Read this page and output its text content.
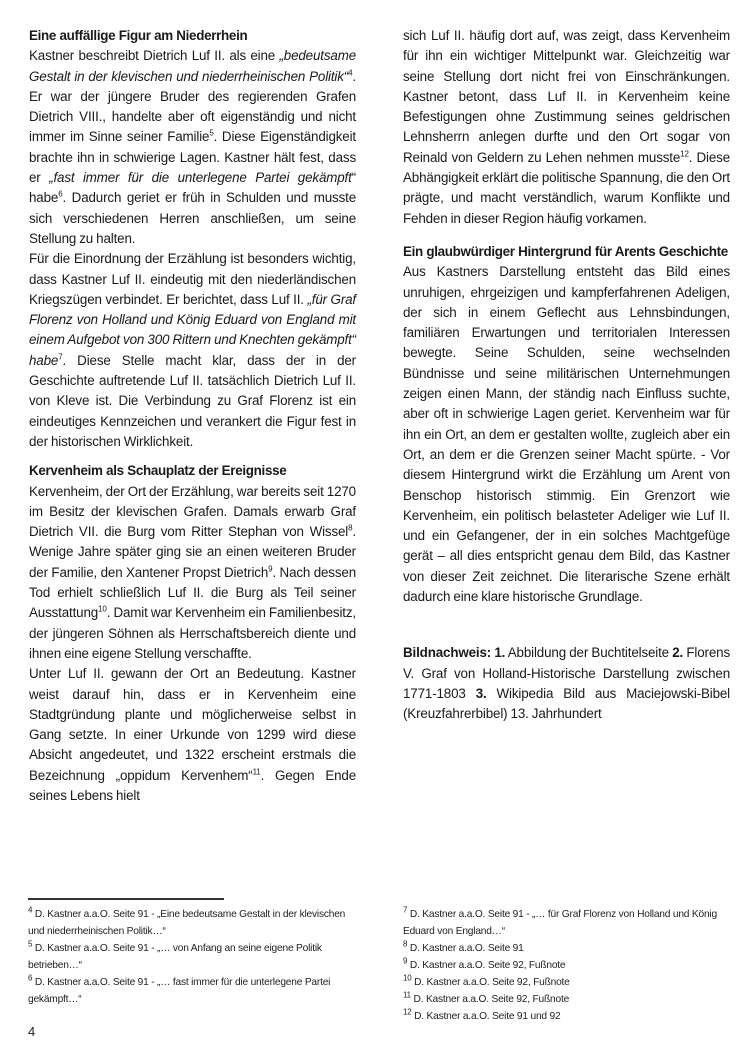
Eine auffällige Figur am Niederrhein

Kastner beschreibt Dietrich Luf II. als eine „bedeutsame Gestalt in der klevischen und niederrheinischen Politik“$^4$. Er war der jüngere Bruder des regierenden Grafen Dietrich VIII., handelte aber oft eigenständig und nicht immer im Sinne seiner Familie$^5$. Diese Eigenständigkeit brachte ihn in schwierige Lagen. Kastner hält fest, dass er „fast immer für die unterlegene Partei gekämpft“ habe$^6$. Dadurch geriet er früh in Schulden und musste sich verschiedenen Herren anschließen, um seine Stellung zu halten.

Für die Einordnung der Erzählung ist besonders wichtig, dass Kastner Luf II. eindeutig mit den niederländischen Kriegszügen verbindet. Er berichtet, dass Luf II. „für Graf Florenz von Holland und König Eduard von England mit einem Aufgebot von 300 Rittern und Knechten gekämpft“ habe$^7$. Diese Stelle macht klar, dass der in der Geschichte auftretende Luf II. tatsächlich Dietrich Luf II. von Kleve ist. Die Verbindung zu Graf Florenz ist ein eindeutiges Kennzeichen und verankert die Figur fest in der historischen Wirklichkeit.

Kervenheim als Schauplatz der Ereignisse

Kervenheim, der Ort der Erzählung, war bereits seit 1270 im Besitz der klevischen Grafen. Damals erwarb Graf Dietrich VII. die Burg vom Ritter Stephan von Wissel$^8$. Wenige Jahre später ging sie an einen weiteren Bruder der Familie, den Xantener Propst Dietrich$^9$. Nach dessen Tod erhielt schließlich Luf II. die Burg als Teil seiner Ausstattung$^{10}$. Damit war Kervenheim ein Familienbesitz, der jüngeren Söhnen als Herrschaftsbereich diente und ihnen eine eigene Stellung verschaffte.

Unter Luf II. gewann der Ort an Bedeutung. Kastner weist darauf hin, dass er in Kervenheim eine Stadtgründung plante und möglicherweise selbst in Gang setzte. In einer Urkunde von 1299 wird diese Absicht angedeutet, und 1322 erscheint erstmals die Bezeichnung „oppidum Kervenhem“$^{11}$. Gegen Ende seines Lebens hielt

sich Luf II. häufig dort auf, was zeigt, dass Kervenheim für ihn ein wichtiger Mittelpunkt war. Gleichzeitig war seine Stellung dort nicht frei von Einschränkungen. Kastner betont, dass Luf II. in Kervenheim keine Befestigungen ohne Zustimmung seines geldrischen Lehnsherrn anlegen durfte und den Ort sogar von Reinald von Geldern zu Lehen nehmen musste$^{12}$. Diese Abhängigkeit erklärt die politische Spannung, die den Ort prägte, und macht verständlich, warum Konflikte und Fehden in dieser Region häufig vorkamen.

Ein glaubwürdiger Hintergrund für Arents Geschichte

Aus Kastners Darstellung entsteht das Bild eines unruhigen, ehrgeizigen und kampferfahrenen Adeligen, der sich in einem Geflecht aus Lehnsbindungen, familiären Erwartungen und territorialen Interessen bewegte. Seine Schulden, seine wechselnden Bündnisse und seine militärischen Unternehmungen zeigen einen Mann, der ständig nach Einfluss suchte, aber oft in schwierige Lagen geriet. Kervenheim war für ihn ein Ort, an dem er gestalten wollte, zugleich aber ein Ort, an dem er die Grenzen seiner Macht spürte. - Vor diesem Hintergrund wirkt die Erzählung um Arent von Benschop historisch stimmig. Ein Grenzort wie Kervenheim, ein politisch belasteter Adeliger wie Luf II. und ein Gefangener, der in ein solches Machtgefüge gerät – all dies entspricht genau dem Bild, das Kastner von dieser Zeit zeichnet. Die literarische Szene erhält dadurch eine klare historische Grundlage.

Bildnachweis: 1. Abbildung der Buchtitelseite 2. Florens V. Graf von Holland-Historische Darstellung zwischen 1771-1803 3. Wikipedia Bild aus Maciejowski-Bibel (Kreuzfahrerbibel) 13. Jahrhundert

$^4$ D. Kastner a.a.O. Seite 91 - „Eine bedeutsame Gestalt in der klevischen und niederrheinischen Politik…“
$^5$ D. Kastner a.a.O. Seite 91 - „… von Anfang an seine eigene Politik betrieben…“
$^6$ D. Kastner a.a.O. Seite 91 - „… fast immer für die unterlegene Partei gekämpft…“
$^7$ D. Kastner a.a.O. Seite 91 - „… für Graf Florenz von Holland und König Eduard von England…“
$^8$ D. Kastner a.a.O. Seite 91
$^9$ D. Kastner a.a.O. Seite 92, Fußnote
$^{10}$ D. Kastner a.a.O. Seite 92, Fußnote
$^{11}$ D. Kastner a.a.O. Seite 92, Fußnote
$^{12}$ D. Kastner a.a.O. Seite 91 und 92
4
